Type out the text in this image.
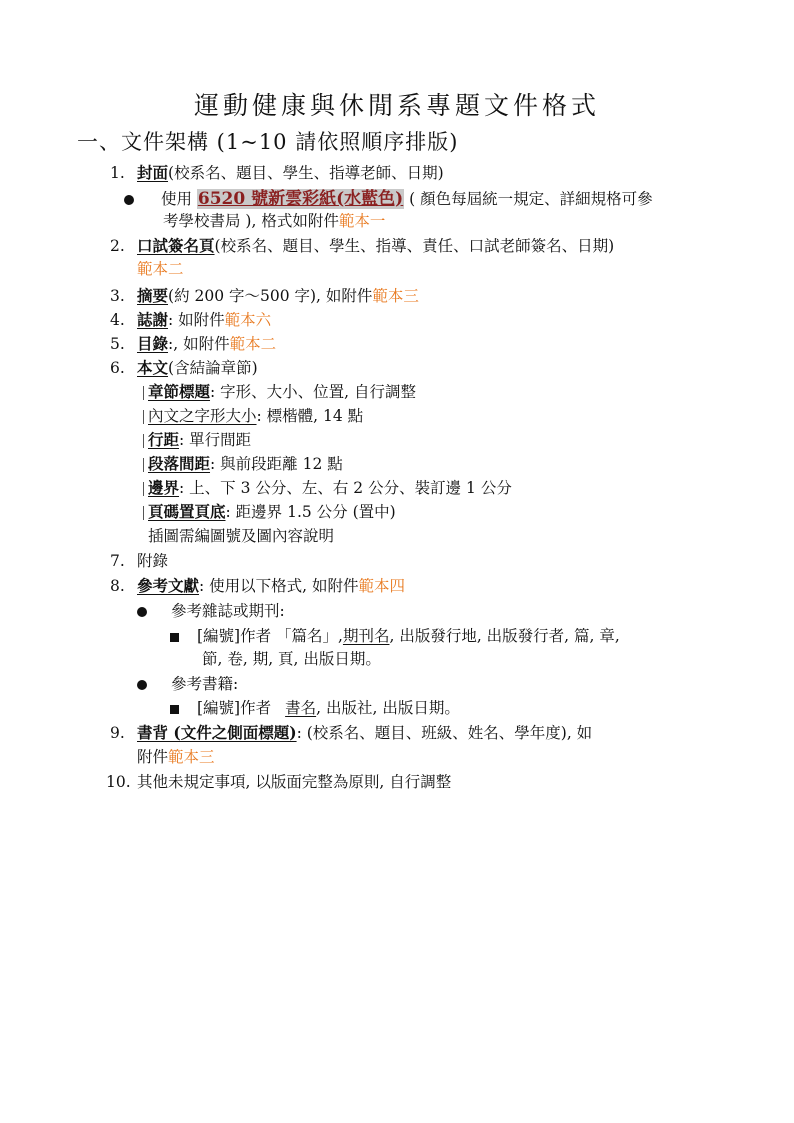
運動健康與休閒系專題文件格式
一、文件架構 (1~10 請依照順序排版)
1. 封面(校系名、題目、學生、指導老師、日期)
使用 6520 號新雲彩紙(水藍色) ( 顏色每屆統一規定、詳細規格可參
考學校書局 ), 格式如附件範本一
2. 口試簽名頁(校系名、題目、學生、指導、責任、口試老師簽名、日期)
範本二
3. 摘要(約 200 字～500 字), 如附件範本三
4. 誌謝: 如附件範本六
5. 目錄:, 如附件範本二
6. 本文(含結論章節)
章節標題: 字形、大小、位置, 自行調整
內文之字形大小: 標楷體, 14 點
行距: 單行間距
段落間距: 與前段距離 12 點
邊界: 上、下 3 公分、左、右 2 公分、裝訂邊 1 公分
頁碼置頁底: 距邊界 1.5 公分 (置中)
插圖需編圖號及圖內容說明
7. 附錄
8. 參考文獻: 使用以下格式, 如附件範本四
參考雜誌或期刊:
[編號]作者 「篇名」,期刊名, 出版發行地, 出版發行者, 篇, 章,
節, 卷, 期, 頁, 出版日期。
參考書籍:
[編號]作者 書名, 出版社, 出版日期。
9. 書背 (文件之側面標題): (校系名、題目、班級、姓名、學年度), 如
附件範本三
10. 其他未規定事項, 以版面完整為原則, 自行調整
